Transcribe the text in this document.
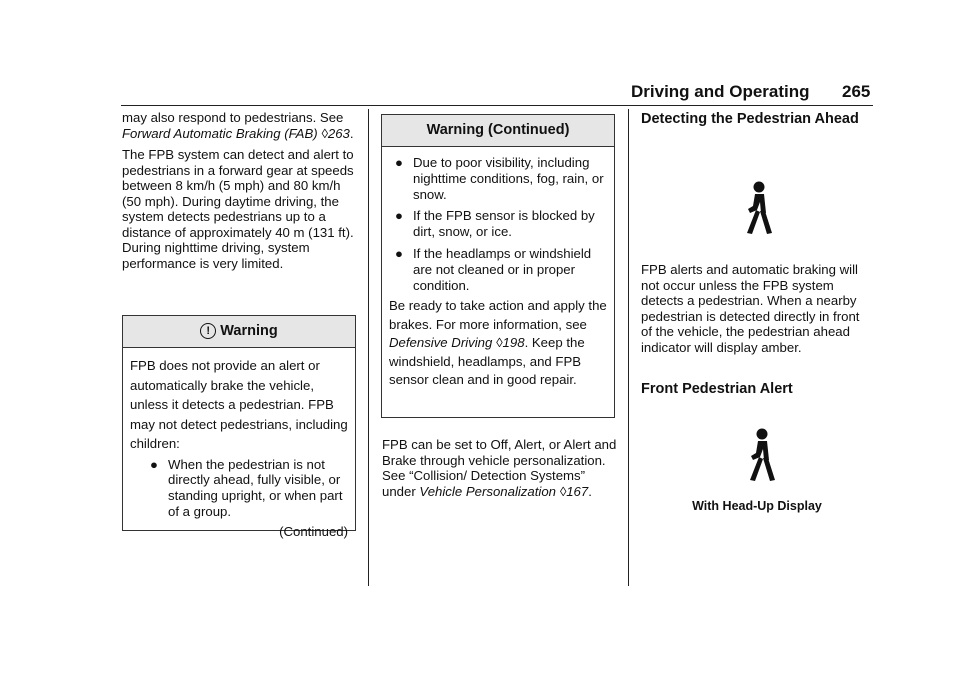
Driving and Operating 265

may also respond to pedestrians. See Forward Automatic Braking (FAB) ◊263.

The FPB system can detect and alert to pedestrians in a forward gear at speeds between 8 km/h (5 mph) and 80 km/h (50 mph). During daytime driving, the system detects pedestrians up to a distance of approximately 40 m (131 ft). During nighttime driving, system performance is very limited.

! Warning
FPB does not provide an alert or automatically brake the vehicle, unless it detects a pedestrian. FPB may not detect pedestrians, including children:
● When the pedestrian is not directly ahead, fully visible, or standing upright, or when part of a group.
(Continued)
Warning (Continued)
● Due to poor visibility, including nighttime conditions, fog, rain, or snow.
● If the FPB sensor is blocked by dirt, snow, or ice.
● If the headlamps or windshield are not cleaned or in proper condition.
Be ready to take action and apply the brakes. For more information, see Defensive Driving ◊198. Keep the windshield, headlamps, and FPB sensor clean and in good repair.
FPB can be set to Off, Alert, or Alert and Brake through vehicle personalization. See “Collision/ Detection Systems” under Vehicle Personalization ◊167.
Detecting the Pedestrian Ahead
FPB alerts and automatic braking will not occur unless the FPB system detects a pedestrian. When a nearby pedestrian is detected directly in front of the vehicle, the pedestrian ahead indicator will display amber.
Front Pedestrian Alert
With Head-Up Display
